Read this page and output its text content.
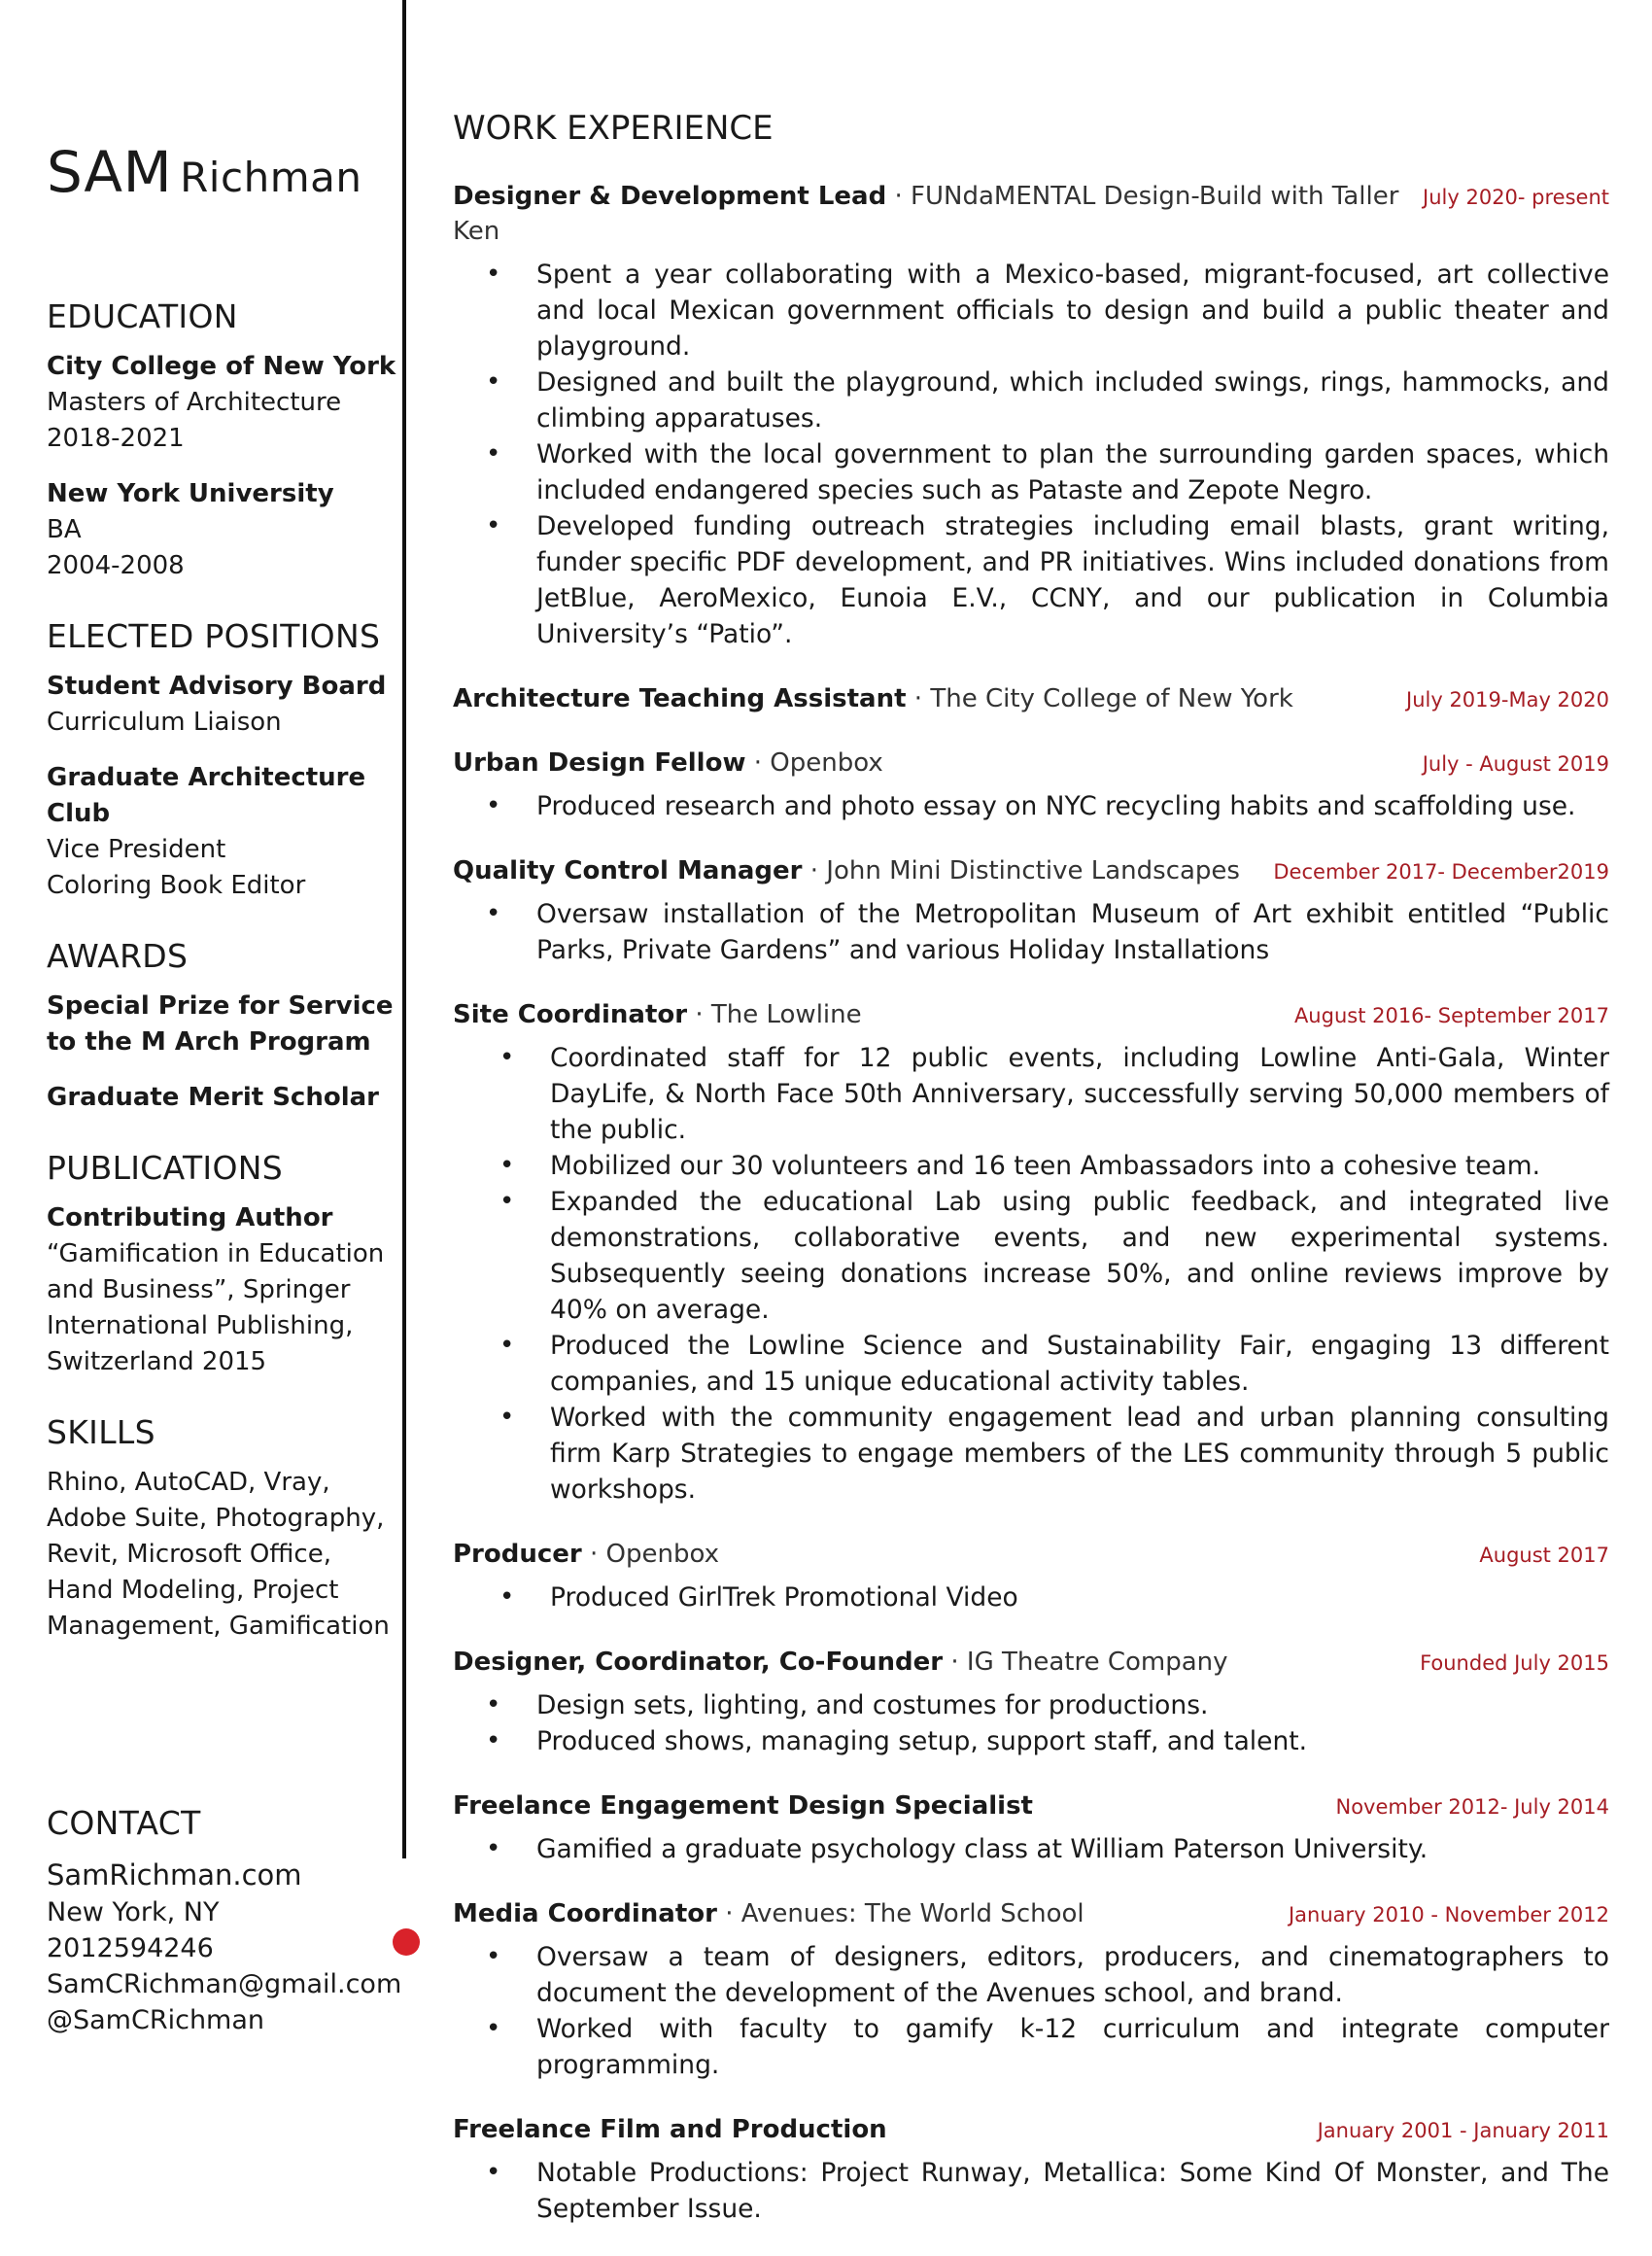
SAM Richman
EDUCATION
City College of New York
Masters of Architecture
2018-2021
New York University
BA
2004-2008
ELECTED POSITIONS
Student Advisory Board
Curriculum Liaison
Graduate Architecture Club
Vice President
Coloring Book Editor
AWARDS
Special Prize for Service to the M Arch Program
Graduate Merit Scholar
PUBLICATIONS
Contributing Author
“Gamification in Education
and Business”, Springer
International Publishing,
Switzerland 2015
SKILLS
Rhino, AutoCAD, Vray,
Adobe Suite, Photography,
Revit, Microsoft Office,
Hand Modeling, Project
Management, Gamification
CONTACT
SamRichman.com
New York, NY
2012594246
SamCRichman@gmail.com
@SamCRichman
WORK EXPERIENCE
Designer & Development Lead · FUNdaMENTAL Design-Build with Taller Ken
July 2020- present
• Spent a year collaborating with a Mexico-based, migrant-focused, art collective and local Mexican government officials to design and build a public theater and playground.
• Designed and built the playground, which included swings, rings, hammocks, and climbing apparatuses.
• Worked with the local government to plan the surrounding garden spaces, which included endangered species such as Pataste and Zepote Negro.
• Developed funding outreach strategies including email blasts, grant writing, funder specific PDF development, and PR initiatives. Wins included donations from JetBlue, AeroMexico, Eunoia E.V., CCNY, and our publication in Columbia University’s “Patio”.
Architecture Teaching Assistant · The City College of New York	July 2019-May 2020
Urban Design Fellow · Openbox	July - August 2019
• Produced research and photo essay on NYC recycling habits and scaffolding use.
Quality Control Manager · John Mini Distinctive Landscapes December 2017- December2019
• Oversaw installation of the Metropolitan Museum of Art exhibit entitled “Public Parks, Private Gardens” and various Holiday Installations
Site Coordinator · The Lowline	August 2016- September 2017
• Coordinated staff for 12 public events, including Lowline Anti-Gala, Winter DayLife, & North Face 50th Anniversary, successfully serving 50,000 members of the public.
• Mobilized our 30 volunteers and 16 teen Ambassadors into a cohesive team.
• Expanded the educational Lab using public feedback, and integrated live demonstrations, collaborative events, and new experimental systems. Subsequently seeing donations increase 50%, and online reviews improve by 40% on average.
• Produced the Lowline Science and Sustainability Fair, engaging 13 different companies, and 15 unique educational activity tables.
• Worked with the community engagement lead and urban planning consulting firm Karp Strategies to engage members of the LES community through 5 public workshops.
Producer · Openbox	August 2017
• Produced GirlTrek Promotional Video
Designer, Coordinator, Co-Founder · IG Theatre Company	Founded July 2015
• Design sets, lighting, and costumes for productions.
• Produced shows, managing setup, support staff, and talent.
Freelance Engagement Design Specialist	November 2012- July 2014
• Gamified a graduate psychology class at William Paterson University.
Media Coordinator · Avenues: The World School	January 2010 - November 2012
• Oversaw a team of designers, editors, producers, and cinematographers to document the development of the Avenues school, and brand.
• Worked with faculty to gamify k-12 curriculum and integrate computer programming.
Freelance Film and Production	January 2001 - January 2011
• Notable Productions: Project Runway, Metallica: Some Kind Of Monster, and The September Issue.
